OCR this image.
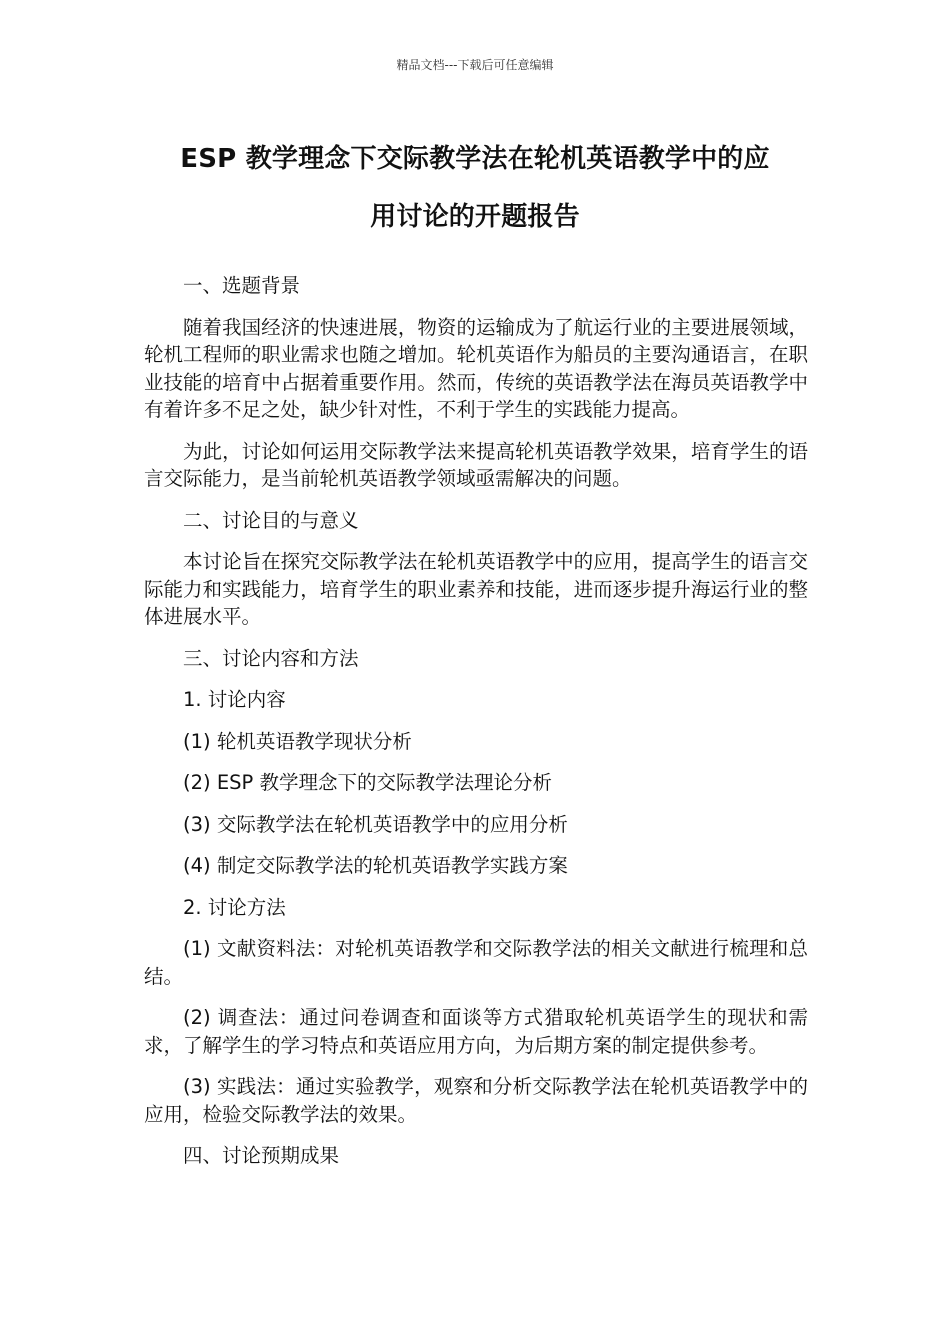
精品文档---下载后可任意编辑
ESP 教学理念下交际教学法在轮机英语教学中的应
用讨论的开题报告

一、选题背景

随着我国经济的快速进展，物资的运输成为了航运行业的主要进展领域，轮机工程师的职业需求也随之增加。轮机英语作为船员的主要沟通语言，在职业技能的培育中占据着重要作用。然而，传统的英语教学法在海员英语教学中有着许多不足之处，缺少针对性，不利于学生的实践能力提高。

为此，讨论如何运用交际教学法来提高轮机英语教学效果，培育学生的语言交际能力，是当前轮机英语教学领域亟需解决的问题。

二、讨论目的与意义

本讨论旨在探究交际教学法在轮机英语教学中的应用，提高学生的语言交际能力和实践能力，培育学生的职业素养和技能，进而逐步提升海运行业的整体进展水平。

三、讨论内容和方法

1. 讨论内容

(1) 轮机英语教学现状分析

(2) ESP 教学理念下的交际教学法理论分析

(3) 交际教学法在轮机英语教学中的应用分析

(4) 制定交际教学法的轮机英语教学实践方案

2. 讨论方法

(1) 文献资料法：对轮机英语教学和交际教学法的相关文献进行梳理和总结。

(2) 调查法：通过问卷调查和面谈等方式猎取轮机英语学生的现状和需求，了解学生的学习特点和英语应用方向，为后期方案的制定提供参考。

(3) 实践法：通过实验教学，观察和分析交际教学法在轮机英语教学中的应用，检验交际教学法的效果。

四、讨论预期成果
